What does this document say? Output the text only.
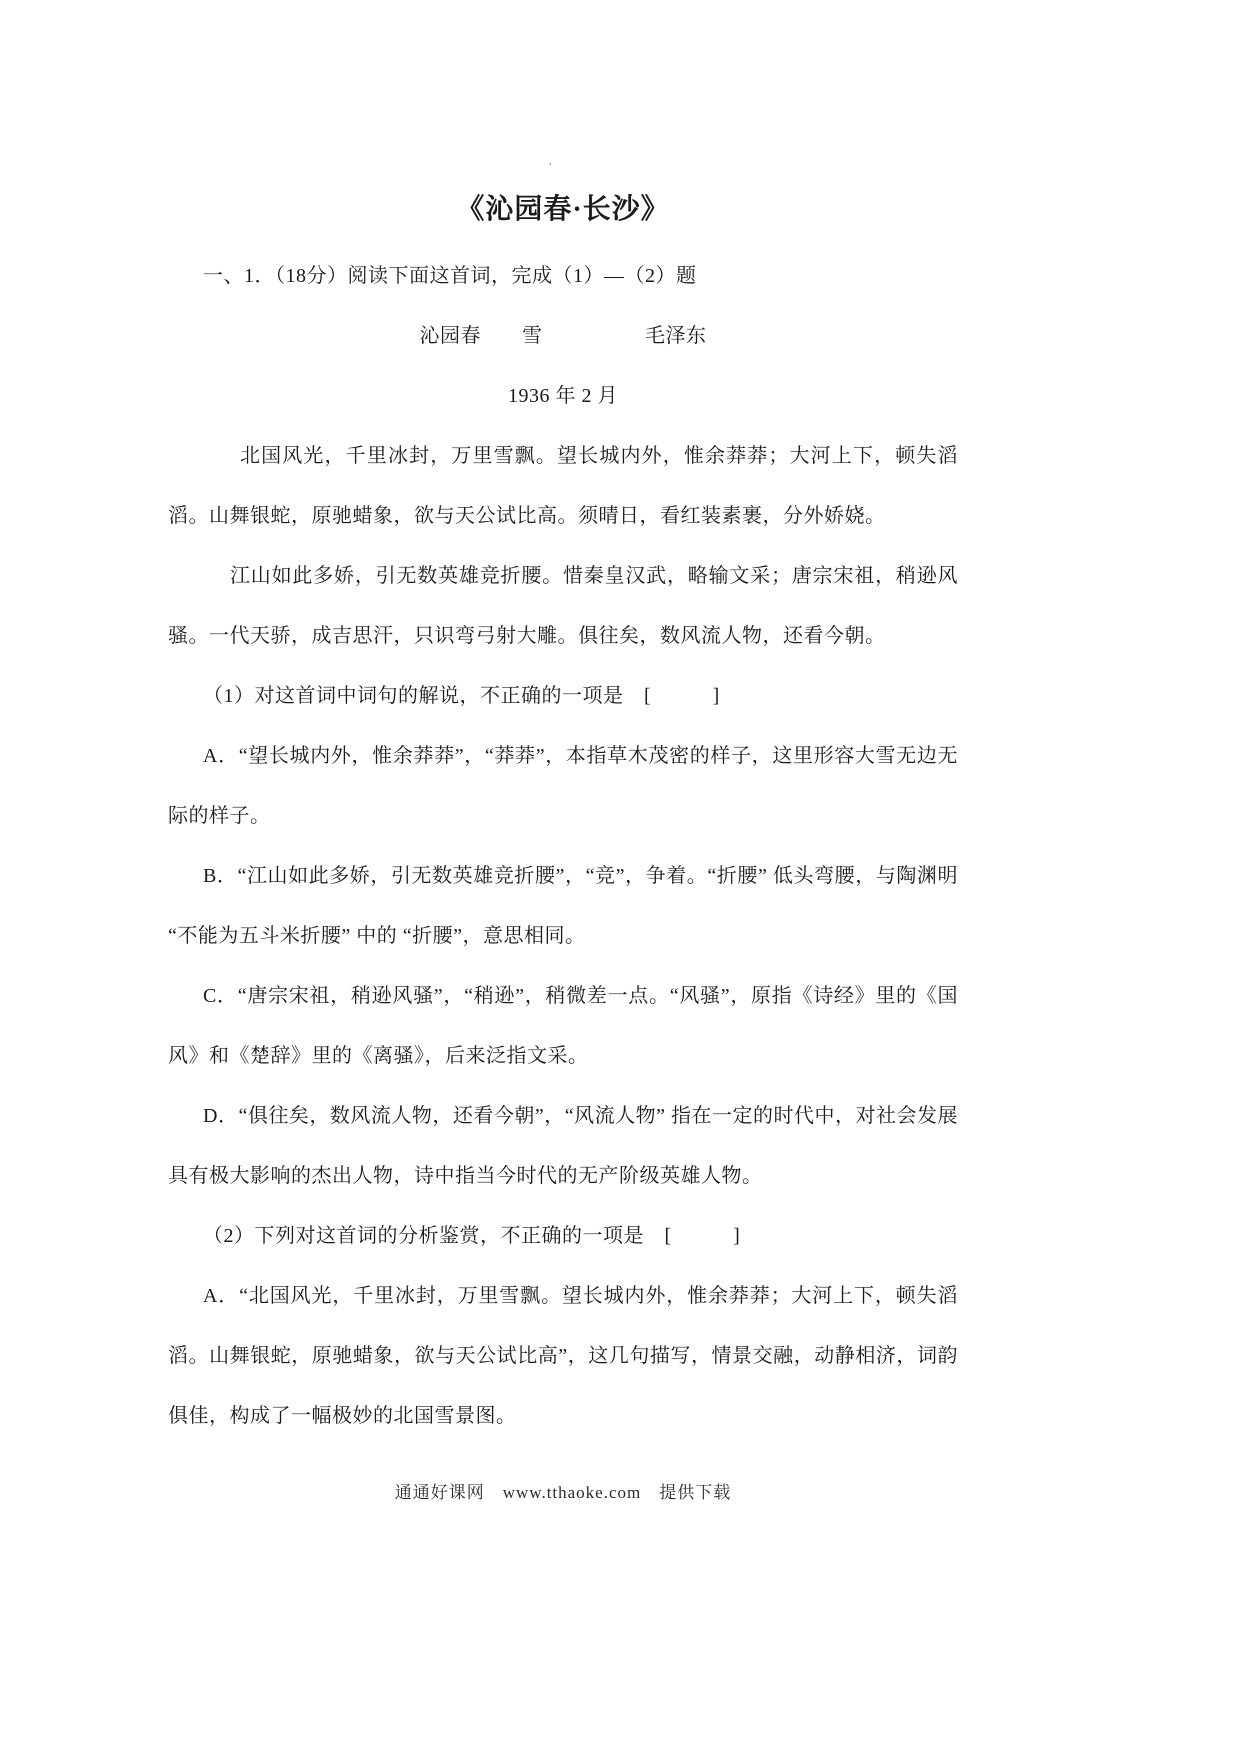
·
《沁园春·长沙》

一、1．（18分）阅读下面这首词，完成（1）—（2）题

沁园春　　雪　　　　　毛泽东

1936 年 2 月

北国风光，千里冰封，万里雪飘。望长城内外，惟余莽莽；大河上下，顿失滔滔。山舞银蛇，原驰蜡象，欲与天公试比高。须晴日，看红装素裹，分外娇娆。

江山如此多娇，引无数英雄竞折腰。惜秦皇汉武，略输文采；唐宗宋祖，稍逊风骚。一代天骄，成吉思汗，只识弯弓射大雕。俱往矣，数风流人物，还看今朝。

（1）对这首词中词句的解说，不正确的一项是　[　　　]

A．“望长城内外，惟余莽莽”，“莽莽”，本指草木茂密的样子，这里形容大雪无边无际的样子。

B．“江山如此多娇，引无数英雄竞折腰”，“竞”，争着。“折腰” 低头弯腰，与陶渊明 “不能为五斗米折腰” 中的 “折腰”，意思相同。

C．“唐宗宋祖，稍逊风骚”，“稍逊”，稍微差一点。“风骚”，原指《诗经》里的《国风》和《楚辞》里的《离骚》，后来泛指文采。

D．“俱往矣，数风流人物，还看今朝”，“风流人物” 指在一定的时代中，对社会发展具有极大影响的杰出人物，诗中指当今时代的无产阶级英雄人物。

（2）下列对这首词的分析鉴赏，不正确的一项是　[　　　]

A．“北国风光，千里冰封，万里雪飘。望长城内外，惟余莽莽；大河上下，顿失滔滔。山舞银蛇，原驰蜡象，欲与天公试比高”，这几句描写，情景交融，动静相济，词韵俱佳，构成了一幅极妙的北国雪景图。

通通好课网　www.tthaoke.com　提供下载
